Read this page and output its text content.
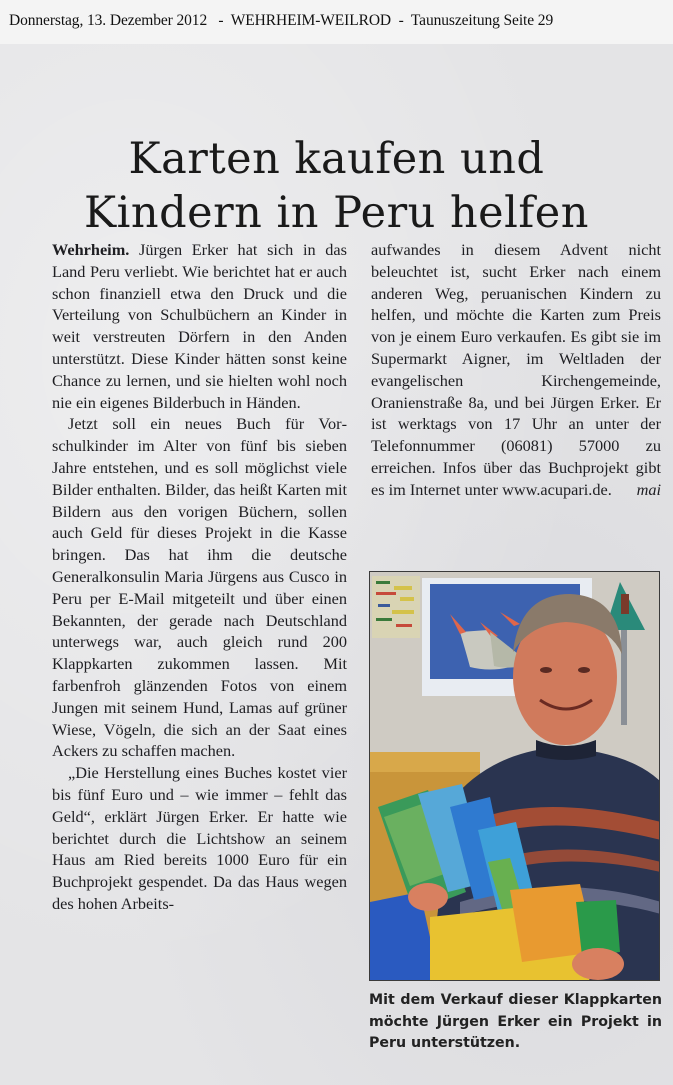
Donnerstag, 13. Dezember 2012   -  WEHRHEIM-WEILROD  -  Taunuszeitung Seite 29
Karten kaufen und
Kindern in Peru helfen

Wehrheim. Jürgen Erker hat sich in das Land Peru verliebt. Wie berichtet hat er auch schon finanziell etwa den Druck und die Verteilung von Schulbüchern an Kinder in weit verstreuten Dörfern in den Anden unterstützt. Diese Kinder hätten sonst keine Chance zu lernen, und sie hielten wohl noch nie ein eigenes Bilderbuch in Händen.

Jetzt soll ein neues Buch für Vorschulkinder im Alter von fünf bis sieben Jahre entstehen, und es soll möglichst viele Bilder enthalten. Bilder, das heißt Karten mit Bildern aus den vorigen Büchern, sollen auch Geld für dieses Projekt in die Kasse bringen. Das hat ihm die deutsche Generalkonsulin Maria Jürgens aus Cusco in Peru per E-Mail mitgeteilt und über einen Bekannten, der gerade nach Deutschland unterwegs war, auch gleich rund 200 Klappkarten zukommen lassen. Mit farbenfroh glänzenden Fotos von einem Jungen mit seinem Hund, Lamas auf grüner Wiese, Vögeln, die sich an der Saat eines Ackers zu schaffen machen.

„Die Herstellung eines Buches kostet vier bis fünf Euro und – wie immer – fehlt das Geld“, erklärt Jürgen Erker. Er hatte wie berichtet durch die Lichtshow an seinem Haus am Ried bereits 1000 Euro für ein Buchprojekt gespendet. Da das Haus wegen des hohen Arbeits-

aufwandes in diesem Advent nicht beleuchtet ist, sucht Erker nach einem anderen Weg, peruanischen Kindern zu helfen, und möchte die Karten zum Preis von je einem Euro verkaufen. Es gibt sie im Supermarkt Aigner, im Weltladen der evangelischen Kirchengemeinde, Oranienstraße 8a, und bei Jürgen Erker. Er ist werktags von 17 Uhr an unter der Telefonnummer (06081) 57000 zu erreichen. Infos über das Buchprojekt gibt es im Internet unter www.acupari.de. mai

Mit dem Verkauf dieser Klappkarten möchte Jürgen Erker ein Projekt in Peru unterstützen.
